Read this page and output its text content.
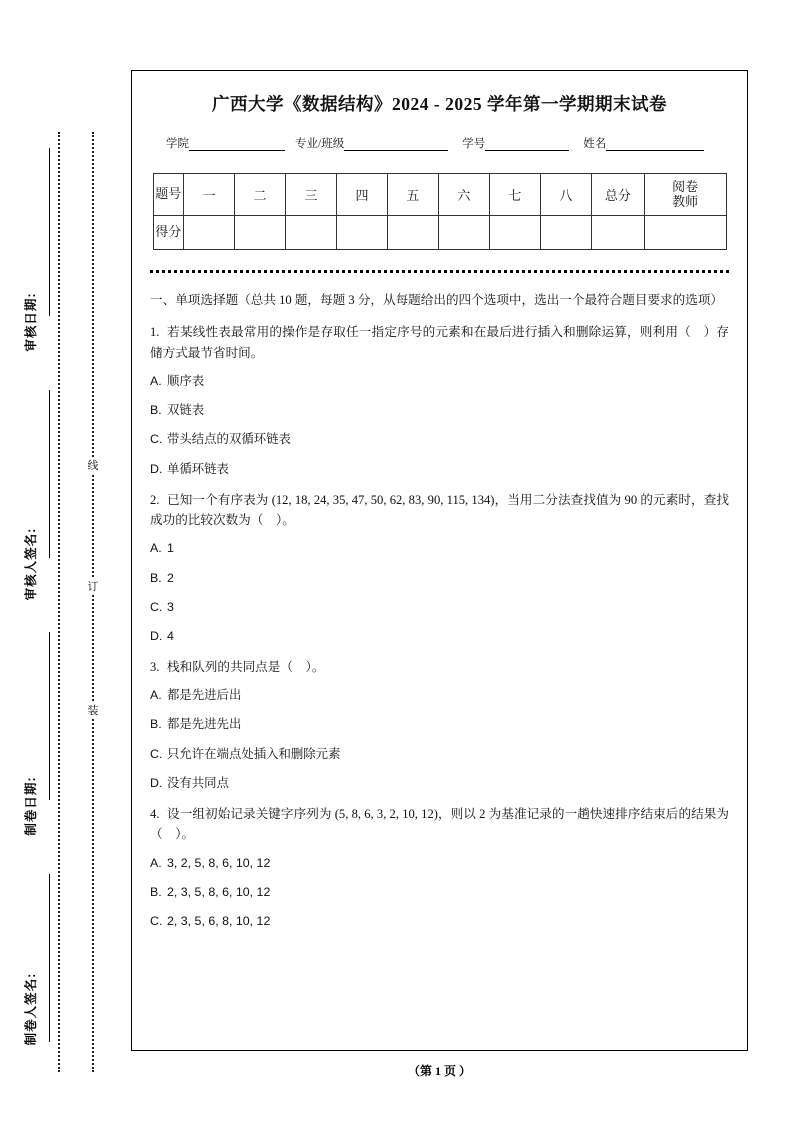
审核日期:
审核人签名:
制卷日期:
制卷人签名:
线
订
装
广西大学《数据结构》2024 - 2025 学年第一学期期末试卷
学院	专业/班级	学号	姓名
题号	一	二	三	四	五	六	七	八	总分	阅卷
教师
得分										
一、单项选择题（总共 10 题，每题 3 分，从每题给出的四个选项中，选出一个最符合题目要求的选项）
1. 若某线性表最常用的操作是存取任一指定序号的元素和在最后进行插入和删除运算，则利用（　）存储方式最节省时间。
A. 顺序表
B. 双链表
C. 带头结点的双循环链表
D. 单循环链表
2. 已知一个有序表为 (12, 18, 24, 35, 47, 50, 62, 83, 90, 115, 134)，当用二分法查找值为 90 的元素时，查找成功的比较次数为（　）。
A. 1
B. 2
C. 3
D. 4
3. 栈和队列的共同点是（　）。
A. 都是先进后出
B. 都是先进先出
C. 只允许在端点处插入和删除元素
D. 没有共同点
4. 设一组初始记录关键字序列为 (5, 8, 6, 3, 2, 10, 12)，则以 2 为基准记录的一趟快速排序结束后的结果为（　）。
A. 3, 2, 5, 8, 6, 10, 12
B. 2, 3, 5, 8, 6, 10, 12
C. 2, 3, 5, 6, 8, 10, 12
（第 1 页 ）
